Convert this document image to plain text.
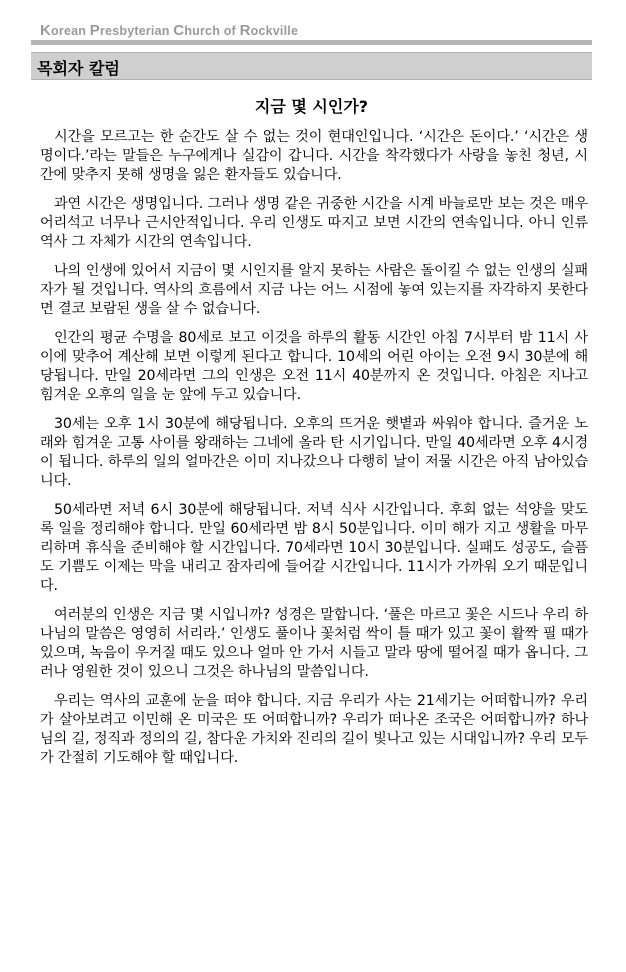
Korean Presbyterian Church of Rockville
목회자 칼럼
지금 몇 시인가?

시간을 모르고는 한 순간도 살 수 없는 것이 현대인입니다. ‘시간은 돈이다.’ ‘시간은 생명이다.’라는 말들은 누구에게나 실감이 갑니다. 시간을 착각했다가 사랑을 놓친 청년, 시간에 맞추지 못해 생명을 잃은 환자들도 있습니다.

과연 시간은 생명입니다. 그러나 생명 같은 귀중한 시간을 시계 바늘로만 보는 것은 매우 어리석고 너무나 근시안적입니다. 우리 인생도 따지고 보면 시간의 연속입니다. 아니 인류 역사 그 자체가 시간의 연속입니다.

나의 인생에 있어서 지금이 몇 시인지를 알지 못하는 사람은 돌이킬 수 없는 인생의 실패자가 될 것입니다. 역사의 흐름에서 지금 나는 어느 시점에 놓여 있는지를 자각하지 못한다면 결코 보람된 생을 살 수 없습니다.

인간의 평균 수명을 80세로 보고 이것을 하루의 활동 시간인 아침 7시부터 밤 11시 사이에 맞추어 계산해 보면 이렇게 된다고 합니다. 10세의 어린 아이는 오전 9시 30분에 해당됩니다. 만일 20세라면 그의 인생은 오전 11시 40분까지 온 것입니다. 아침은 지나고 힘겨운 오후의 일을 눈 앞에 두고 있습니다.

30세는 오후 1시 30분에 해당됩니다. 오후의 뜨거운 햇볕과 싸워야 합니다. 즐거운 노래와 힘겨운 고통 사이를 왕래하는 그네에 올라 탄 시기입니다. 만일 40세라면 오후 4시경이 됩니다. 하루의 일의 얼마간은 이미 지나갔으나 다행히 날이 저물 시간은 아직 남아있습니다.

50세라면 저녁 6시 30분에 해당됩니다. 저녁 식사 시간입니다. 후회 없는 석양을 맞도록 일을 정리해야 합니다. 만일 60세라면 밤 8시 50분입니다. 이미 해가 지고 생활을 마무리하며 휴식을 준비해야 할 시간입니다. 70세라면 10시 30분입니다. 실패도 성공도, 슬픔도 기쁨도 이제는 막을 내리고 잠자리에 들어갈 시간입니다. 11시가 가까워 오기 때문입니다.

여러분의 인생은 지금 몇 시입니까? 성경은 말합니다. ‘풀은 마르고 꽃은 시드나 우리 하나님의 말씀은 영영히 서리라.’ 인생도 풀이나 꽃처럼 싹이 틀 때가 있고 꽃이 활짝 필 때가 있으며, 녹음이 우거질 때도 있으나 얼마 안 가서 시들고 말라 땅에 떨어질 때가 옵니다. 그러나 영원한 것이 있으니 그것은 하나님의 말씀입니다.

우리는 역사의 교훈에 눈을 떠야 합니다. 지금 우리가 사는 21세기는 어떠합니까? 우리가 살아보려고 이민해 온 미국은 또 어떠합니까? 우리가 떠나온 조국은 어떠합니까? 하나님의 길, 정직과 정의의 길, 참다운 가치와 진리의 길이 빛나고 있는 시대입니까? 우리 모두가 간절히 기도해야 할 때입니다.
